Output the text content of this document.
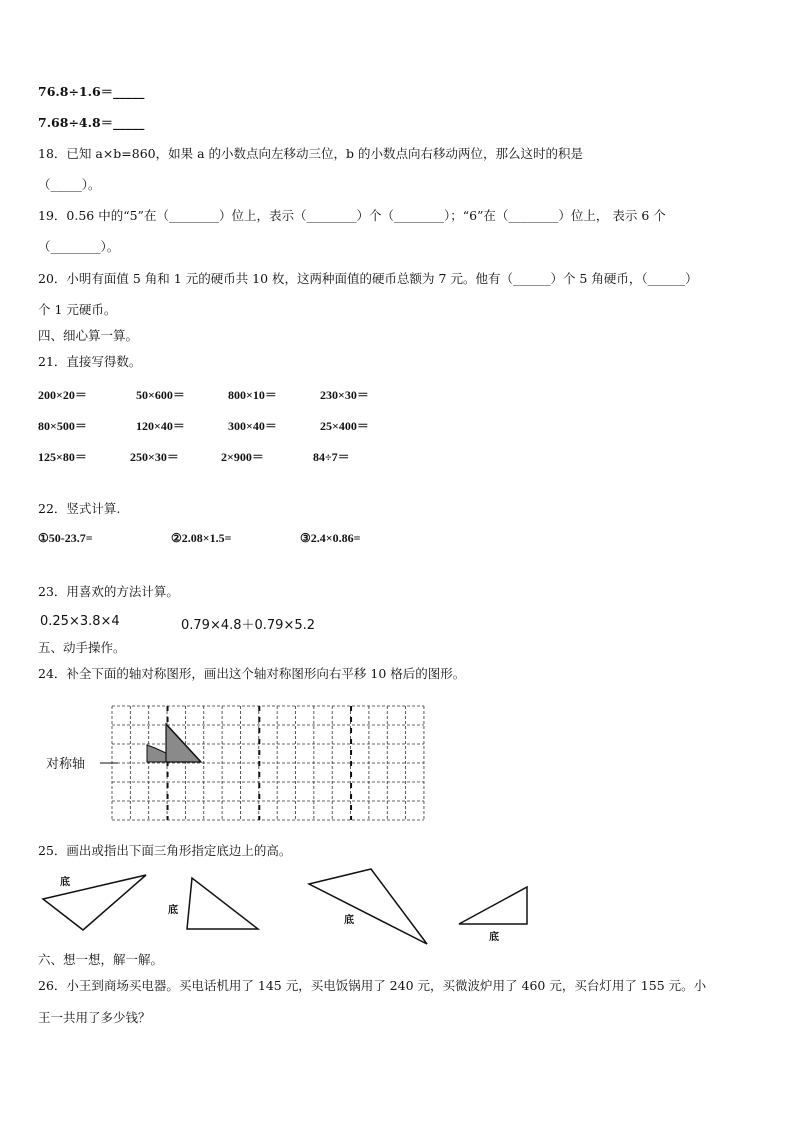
76.8÷1.6＝_____
7.68÷4.8＝_____
18．已知 a×b=860，如果 a 的小数点向左移动三位，b 的小数点向右移动两位，那么这时的积是
（_____）。
19．0.56 中的“5”在（________）位上，表示（________）个（________）；“6”在（________）位上， 表示 6 个
（________）。
20．小明有面值 5 角和 1 元的硬币共 10 枚，这两种面值的硬币总额为 7 元。他有（______）个 5 角硬币，（______）
个 1 元硬币。
四、细心算一算。
21．直接写得数。
200×20＝	50×600＝	800×10＝	230×30＝
80×500＝	120×40＝	300×40＝	25×400＝
125×80＝	250×30＝	2×900＝	84÷7＝
22．竖式计算.
①50-23.7=	②2.08×1.5=	③2.4×0.86=
23．用喜欢的方法计算。
0.25×3.8×4	0.79×4.8＋0.79×5.2
五、动手操作。
24．补全下面的轴对称图形，画出这个轴对称图形向右平移 10 格后的图形。
对称轴
25．画出或指出下面三角形指定底边上的高。
底
底
底
底
六、想一想，解一解。
26．小王到商场买电器。买电话机用了 145 元，买电饭锅用了 240 元，买微波炉用了 460 元，买台灯用了 155 元。小
王一共用了多少钱？
